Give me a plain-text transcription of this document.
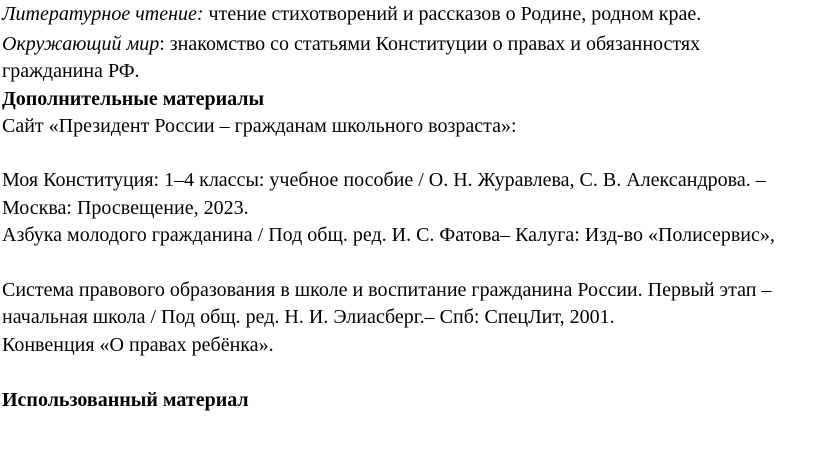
Литературное чтение: чтение стихотворений и рассказов о Родине, родном крае.
Окружающий мир: знакомство со статьями Конституции о правах и обязанностях
гражданина РФ.
Дополнительные материалы
Сайт «Президент России – гражданам школьного возраста»:
Моя Конституция: 1–4 классы: учебное пособие / О. Н. Журавлева, С. В. Александрова. –
Москва: Просвещение, 2023.
Азбука молодого гражданина / Под общ. ред. И. С. Фатова– Калуга: Изд-во «Полисервис»,
Система правового образования в школе и воспитание гражданина России. Первый этап –
начальная школа / Под общ. ред. Н. И. Элиасберг.– Спб: СпецЛит, 2001.
Конвенция «О правах ребёнка».
Использованный материал
